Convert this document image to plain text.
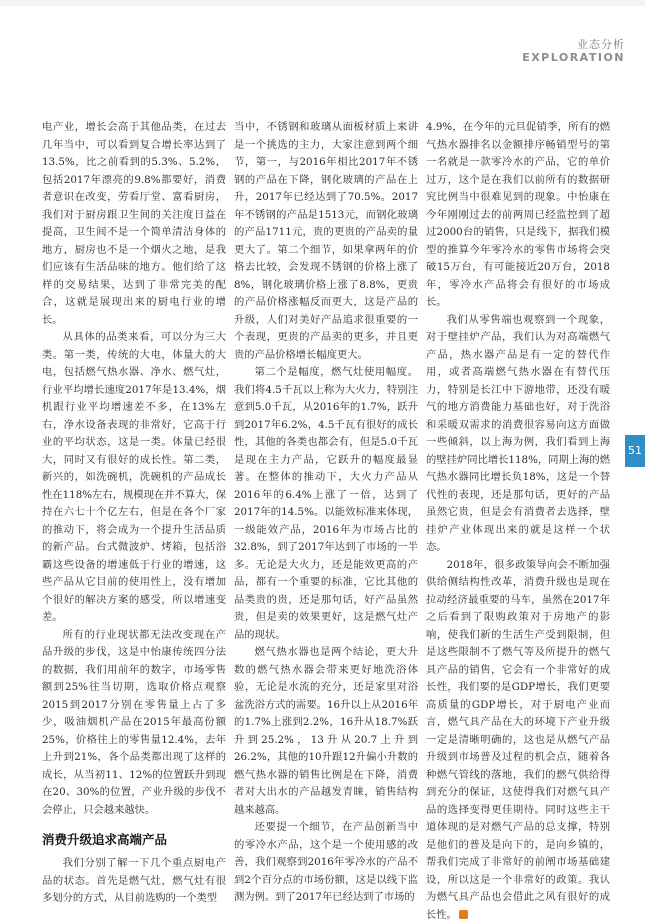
业态分析
EXPLORATION
51

电产业，增长会高于其他品类，在过去几年当中，可以看到复合增长率达到了13.5%，比之前看到的5.3%、5.2%，包括2017年漂亮的9.8%都要好，消费者意识在改变，劳看厅堂、富看厨房，我们对于厨房跟卫生间的关注度日益在提高，卫生间不是一个简单清洁身体的地方，厨房也不是一个烟火之地，是我们应该有生活品味的地方。他们给了这样的交易结果，达到了非常完美的配合，这就是展现出来的厨电行业的增长。

从具体的品类来看，可以分为三大类。第一类，传统的大电，体量大的大电，包括燃气热水器、净水、燃气灶，行业平均增长速度2017年是13.4%，烟机跟行业平均增速差不多，在13%左右，净水设备表现的非常好，它高于行业的平均状态，这是一类。体量已经很大，同时又有很好的成长性。第二类，新兴的，如洗碗机，洗碗机的产品成长性在118%左右，规模现在并不算大，保持在六七十个亿左右，但是在各个厂家的推动下，将会成为一个提升生活品质的新产品。台式微波炉、烤箱，包括浴霸这些设备的增速低于行业的增速，这些产品从它目前的使用性上，没有增加个很好的解决方案的感受，所以增速变差。

所有的行业现状都无法改变现在产品升级的步伐，这是中怡康传统四分法的数据，我们用前年的数字，市场零售额到25%往当切期，选取价格点观察2015到2017分别在零售量上占了多少，吸油烟机产品在2015年最高份额25%，价格往上的零售量12.4%，去年上升到21%，各个品类都出现了这样的成长，从当初11、12%的位置跃升到现在20、30%的位置，产业升级的步伐不会停止，只会越来越快。

消费升级追求高端产品

我们分别了解一下几个重点厨电产品的状态。首先是燃气灶，燃气灶有很多划分的方式，从目前选购的一个类型

当中，不锈钢和玻璃从面板材质上来讲是一个挑选的主力，大家注意到两个细节，第一，与2016年相比2017年不锈钢的产品在下降，钢化玻璃的产品在上升，2017年已经达到了70.5%。2017年不锈钢的产品是1513元，而钢化玻璃的产品1711元，贵的更贵的产品卖的量更大了。第二个细节，如果拿两年的价格去比较，会发现不锈钢的价格上涨了8%，钢化玻璃价格上涨了8.8%，更贵的产品价格涨幅反而更大，这是产品的升级，人们对美好产品追求很重要的一个表现，更贵的产品卖的更多，并且更贵的产品价格增长幅度更大。

第二个是幅度，燃气灶使用幅度。我们将4.5千瓦以上称为大火力，特别注意到5.0千瓦，从2016年的1.7%，跃升到2017年6.2%，4.5千瓦有很好的成长性，其他的各类也都会有，但是5.0千瓦是现在主力产品，它跃升的幅度最显著。在整体的推动下，大火力产品从2016年的6.4%上涨了一倍，达到了2017年的14.5%。以能效标准来体现，一级能效产品，2016年为市场占比的32.8%，到了2017年达到了市场的一半多。无论是大火力，还是能效更高的产品，都有一个重要的标准，它比其他的品类贵的贵，还是那句话，好产品虽然贵，但是卖的效果更好，这是燃气灶产品的现状。

燃气热水器也是两个结论，更大升数的燃气热水器会带来更好地洗浴体验，无论是水流的充分，还是家里对浴盆洗浴方式的需要。16升以上从2016年的1.7%上涨到2.2%，16升从18.7%跃升到25.2%，13升从20.7上升到26.2%，其他的10升跟12升偏小升数的燃气热水器的销售比例是在下降，消费者对大出水的产品越发青睐，销售结构越来越高。

还要提一个细节，在产品创新当中的零冷水产品，这个是一个使用感的改善，我们观察到2016年零冷水的产品不到2个百分点的市场份额，这是以线下监测为例。到了2017年已经达到了市场的

4.9%，在今年的元旦促销季，所有的燃气热水器排名以金额排序畅销型号的第一名就是一款零冷水的产品，它的单价过万，这个是在我们以前所有的数据研究比例当中很难见到的现象。中怡康在今年刚刚过去的前两周已经监控到了超过2000台的销售，只是线下，据我们模型的推算今年零冷水的零售市场将会突破15万台，有可能接近20万台，2018年，零冷水产品将会有很好的市场成长。

我们从零售端也观察到一个现象，对于壁挂炉产品，我们认为对高端燃气产品，热水器产品是有一定的替代作用，或者高端燃气热水器在有替代压力，特别是长江中下游地带，还没有暖气的地方消费能力基础也好，对于洗浴和采暖双需求的消费很容易向这方面做一些倾斜，以上海为例，我们看到上海的壁挂炉同比增长118%，同期上海的燃气热水器同比增长负18%，这是一个替代性的表现，还是那句话，更好的产品虽然它贵，但是会有消费者去选择，壁挂炉产业体现出来的就是这样一个状态。

2018年，很多政策导向会不断加强供给侧结构性改革，消费升级也是现在拉动经济最重要的马车，虽然在2017年之后看到了限购政策对于房地产的影响，使我们新的生活生产受到限制，但是这些限制不了燃气等及所提升的燃气具产品的销售，它会有一个非常好的成长性，我们要的是GDP增长，我们更要高质量的GDP增长，对于厨电产业而言，燃气具产品在大的环境下产业升级一定是清晰明确的，这也是从燃气产品升级到市场普及过程的机会点，随着各种燃气管线的落地，我们的燃气供给得到充分的保证，这使得我们对燃气具产品的选择变得更佳期待。同时这些主干道体现的是对燃气产品的总支撑，特别是他们的普及是向下的，是向乡镇的，帮我们完成了非常好的前阐市场基础建设，所以这是一个非常好的政策。我认为燃气具产品也会借此之风有很好的成长性。
